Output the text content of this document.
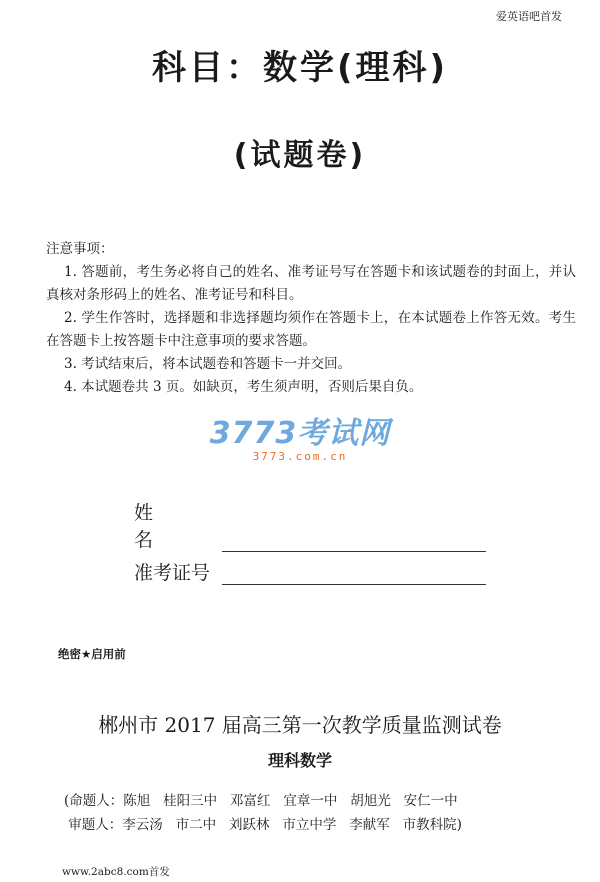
爱英语吧首发
科目：数学(理科)
(试题卷)

注意事项：

1. 答题前，考生务必将自己的姓名、准考证号写在答题卡和该试题卷的封面上，并认真核对条形码上的姓名、准考证号和科目。

2. 学生作答时，选择题和非选择题均须作在答题卡上，在本试题卷上作答无效。考生在答题卡上按答题卡中注意事项的要求答题。

3. 考试结束后，将本试题卷和答题卡一并交回。

4. 本试题卷共 3 页。如缺页，考生须声明，否则后果自负。

3773考试网
3773.com.cn
姓名
准考证号
绝密★启用前
郴州市 2017 届高三第一次教学质量监测试卷
理科数学
(命题人：陈旭   桂阳三中   邓富红   宜章一中   胡旭光   安仁一中
审题人：李云汤   市二中   刘跃林   市立中学   李献军   市教科院)
www.2abc8.com首发
